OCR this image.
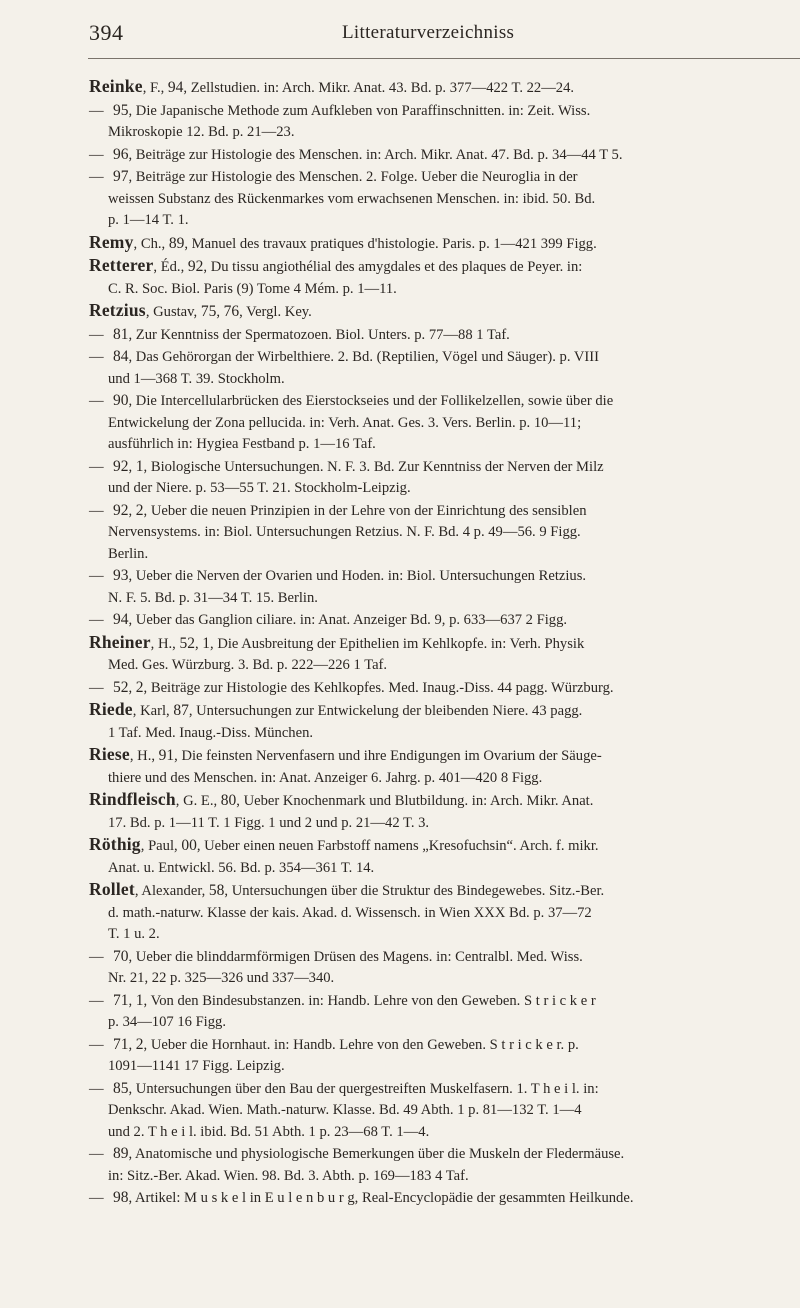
394	Litteraturverzeichniss
Reinke, F., 94, Zellstudien. in: Arch. Mikr. Anat. 43. Bd. p. 377—422 T. 22—24.
— 95, Die Japanische Methode zum Aufkleben von Paraffinschnitten. in: Zeit. Wiss.
Mikroskopie 12. Bd. p. 21—23.
— 96, Beiträge zur Histologie des Menschen. in: Arch. Mikr. Anat. 47. Bd. p. 34—44 T 5.
— 97, Beiträge zur Histologie des Menschen. 2. Folge. Ueber die Neuroglia in der
weissen Substanz des Rückenmarkes vom erwachsenen Menschen. in: ibid. 50. Bd.
p. 1—14 T. 1.
Remy, Ch., 89, Manuel des travaux pratiques d'histologie. Paris. p. 1—421 399 Figg.
Retterer, Éd., 92, Du tissu angiothélial des amygdales et des plaques de Peyer. in:
C. R. Soc. Biol. Paris (9) Tome 4 Mém. p. 1—11.
Retzius, Gustav, 75, 76, Vergl. Key.
— 81, Zur Kenntniss der Spermatozoen. Biol. Unters. p. 77—88 1 Taf.
— 84, Das Gehörorgan der Wirbelthiere. 2. Bd. (Reptilien, Vögel und Säuger). p. VIII
und 1—368 T. 39. Stockholm.
— 90, Die Intercellularbrücken des Eierstockseies und der Follikelzellen, sowie über die
Entwickelung der Zona pellucida. in: Verh. Anat. Ges. 3. Vers. Berlin. p. 10—11;
ausführlich in: Hygiea Festband p. 1—16 Taf.
— 92, 1, Biologische Untersuchungen. N. F. 3. Bd. Zur Kenntniss der Nerven der Milz
und der Niere. p. 53—55 T. 21. Stockholm-Leipzig.
— 92, 2, Ueber die neuen Prinzipien in der Lehre von der Einrichtung des sensiblen
Nervensystems. in: Biol. Untersuchungen Retzius. N. F. Bd. 4 p. 49—56. 9 Figg.
Berlin.
— 93, Ueber die Nerven der Ovarien und Hoden. in: Biol. Untersuchungen Retzius.
N. F. 5. Bd. p. 31—34 T. 15. Berlin.
— 94, Ueber das Ganglion ciliare. in: Anat. Anzeiger Bd. 9, p. 633—637 2 Figg.
Rheiner, H., 52, 1, Die Ausbreitung der Epithelien im Kehlkopfe. in: Verh. Physik
Med. Ges. Würzburg. 3. Bd. p. 222—226 1 Taf.
— 52, 2, Beiträge zur Histologie des Kehlkopfes. Med. Inaug.-Diss. 44 pagg. Würzburg.
Riede, Karl, 87, Untersuchungen zur Entwickelung der bleibenden Niere. 43 pagg.
1 Taf. Med. Inaug.-Diss. München.
Riese, H., 91, Die feinsten Nervenfasern und ihre Endigungen im Ovarium der Säuge-
thiere und des Menschen. in: Anat. Anzeiger 6. Jahrg. p. 401—420 8 Figg.
Rindfleisch, G. E., 80, Ueber Knochenmark und Blutbildung. in: Arch. Mikr. Anat.
17. Bd. p. 1—11 T. 1 Figg. 1 und 2 und p. 21—42 T. 3.
Röthig, Paul, 00, Ueber einen neuen Farbstoff namens „Kresofuchsin“. Arch. f. mikr.
Anat. u. Entwickl. 56. Bd. p. 354—361 T. 14.
Rollet, Alexander, 58, Untersuchungen über die Struktur des Bindegewebes. Sitz.-Ber.
d. math.-naturw. Klasse der kais. Akad. d. Wissensch. in Wien XXX Bd. p. 37—72
T. 1 u. 2.
— 70, Ueber die blinddarmförmigen Drüsen des Magens. in: Centralbl. Med. Wiss.
Nr. 21, 22 p. 325—326 und 337—340.
— 71, 1, Von den Bindesubstanzen. in: Handb. Lehre von den Geweben. S t r i c k e r
p. 34—107 16 Figg.
— 71, 2, Ueber die Hornhaut. in: Handb. Lehre von den Geweben. S t r i c k e r. p.
1091—1141 17 Figg. Leipzig.
— 85, Untersuchungen über den Bau der quergestreiften Muskelfasern. 1. T h e i l. in:
Denkschr. Akad. Wien. Math.-naturw. Klasse. Bd. 49 Abth. 1 p. 81—132 T. 1—4
und 2. T h e i l. ibid. Bd. 51 Abth. 1 p. 23—68 T. 1—4.
— 89, Anatomische und physiologische Bemerkungen über die Muskeln der Fledermäuse.
in: Sitz.-Ber. Akad. Wien. 98. Bd. 3. Abth. p. 169—183 4 Taf.
— 98, Artikel: M u s k e l in E u l e n b u r g, Real-Encyclopädie der gesammten Heilkunde.
